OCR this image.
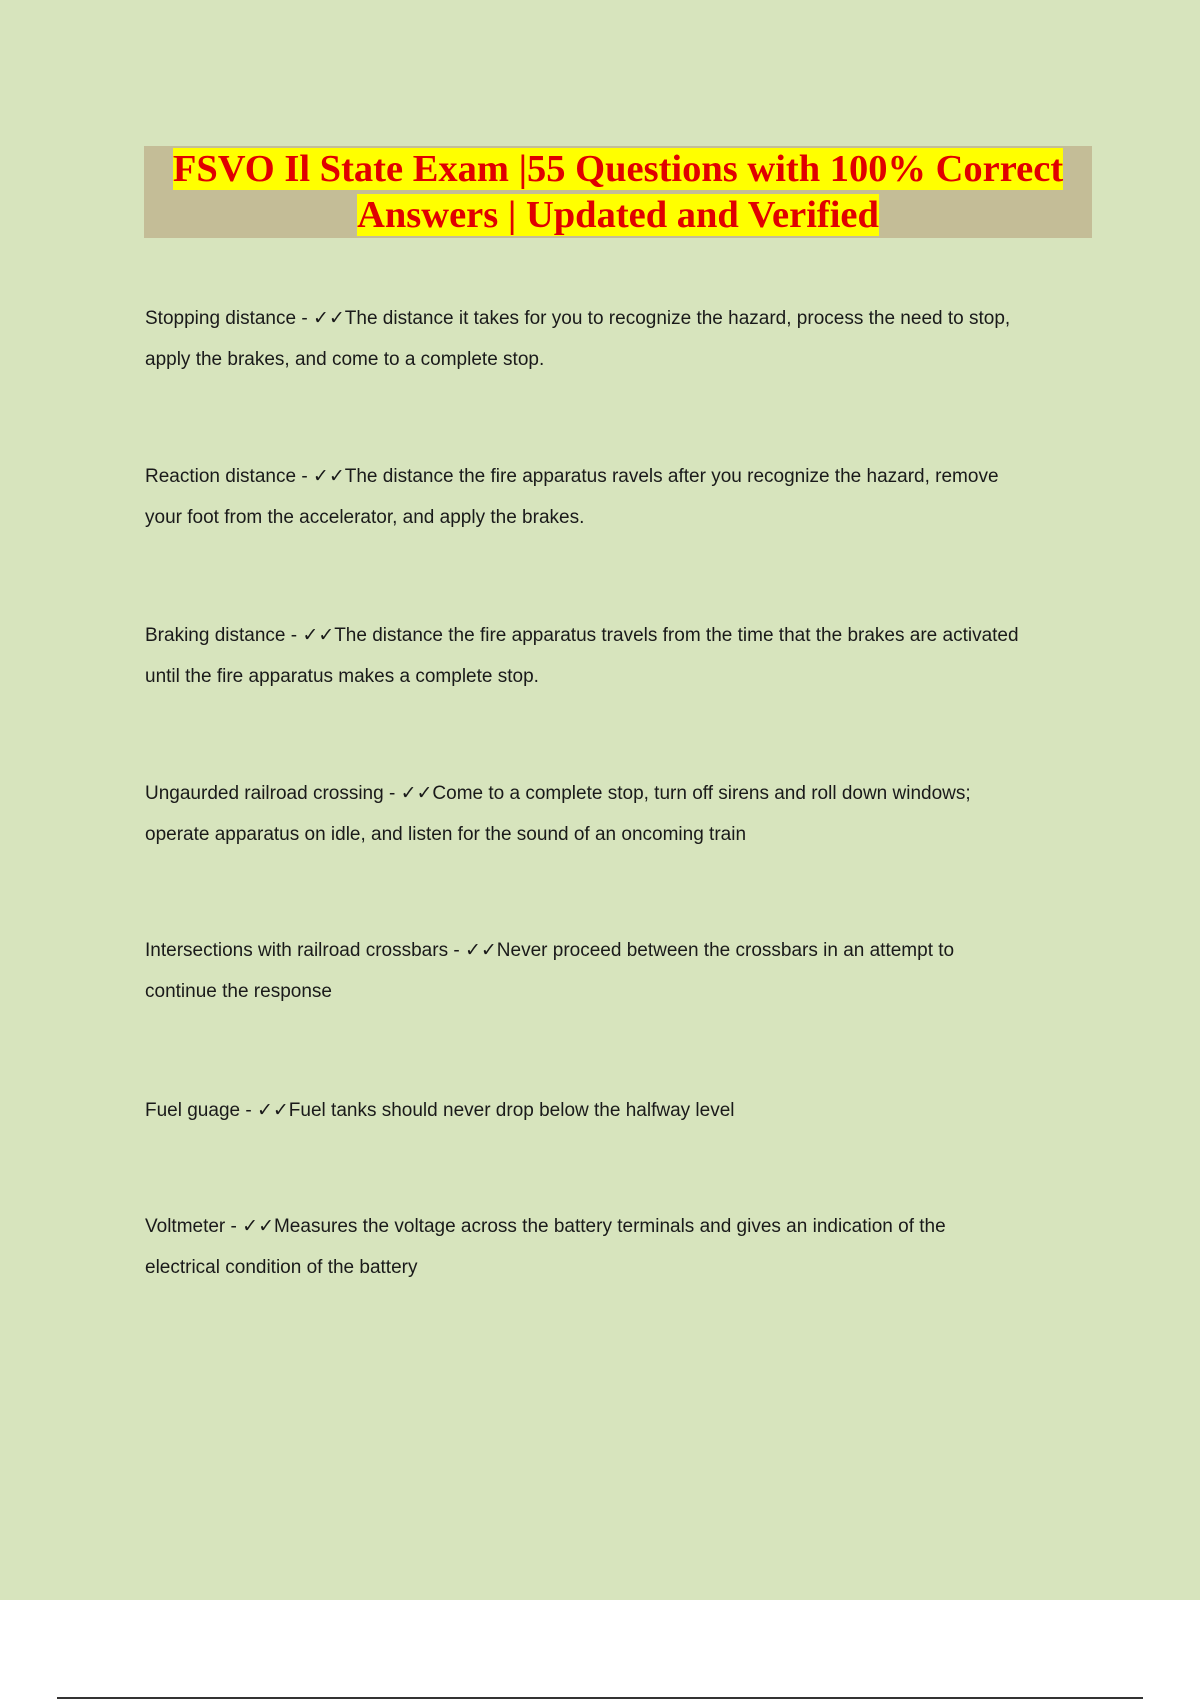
FSVO Il State Exam |55 Questions with 100% Correct
Answers | Updated and Verified
Stopping distance - ✓✓The distance it takes for you to recognize the hazard, process the need to stop,
apply the brakes, and come to a complete stop.
Reaction distance - ✓✓The distance the fire apparatus ravels after you recognize the hazard, remove
your foot from the accelerator, and apply the brakes.
Braking distance - ✓✓The distance the fire apparatus travels from the time that the brakes are activated
until the fire apparatus makes a complete stop.
Ungaurded railroad crossing - ✓✓Come to a complete stop, turn off sirens and roll down windows;
operate apparatus on idle, and listen for the sound of an oncoming train
Intersections with railroad crossbars - ✓✓Never proceed between the crossbars in an attempt to
continue the response
Fuel guage - ✓✓Fuel tanks should never drop below the halfway level
Voltmeter - ✓✓Measures the voltage across the battery terminals and gives an indication of the
electrical condition of the battery
